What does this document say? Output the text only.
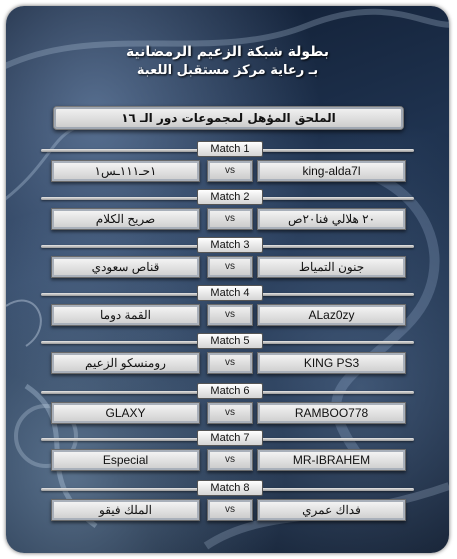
بطولة شبكة الزعيم الرمضانية
بـ رعاية مركز مستقبل اللعبة
الملحق المؤهل لمجموعات دور الـ ١٦
Match 1
١حـ١١١ـس١	vs	king-alda7l
Match 2
صريح الكلام	vs	٢٠ هلالي فنا٢٠ص
Match 3
قناص سعودي	vs	جنون التمياط
Match 4
القمة دوما	vs	ALaz0zy
Match 5
رومنسكو الزعيم	vs	KING PS3
Match 6
GLAXY	vs	RAMBOO778
Match 7
Especial	vs	MR-IBRAHEM
Match 8
الملك فيقو	vs	فداك عمري
